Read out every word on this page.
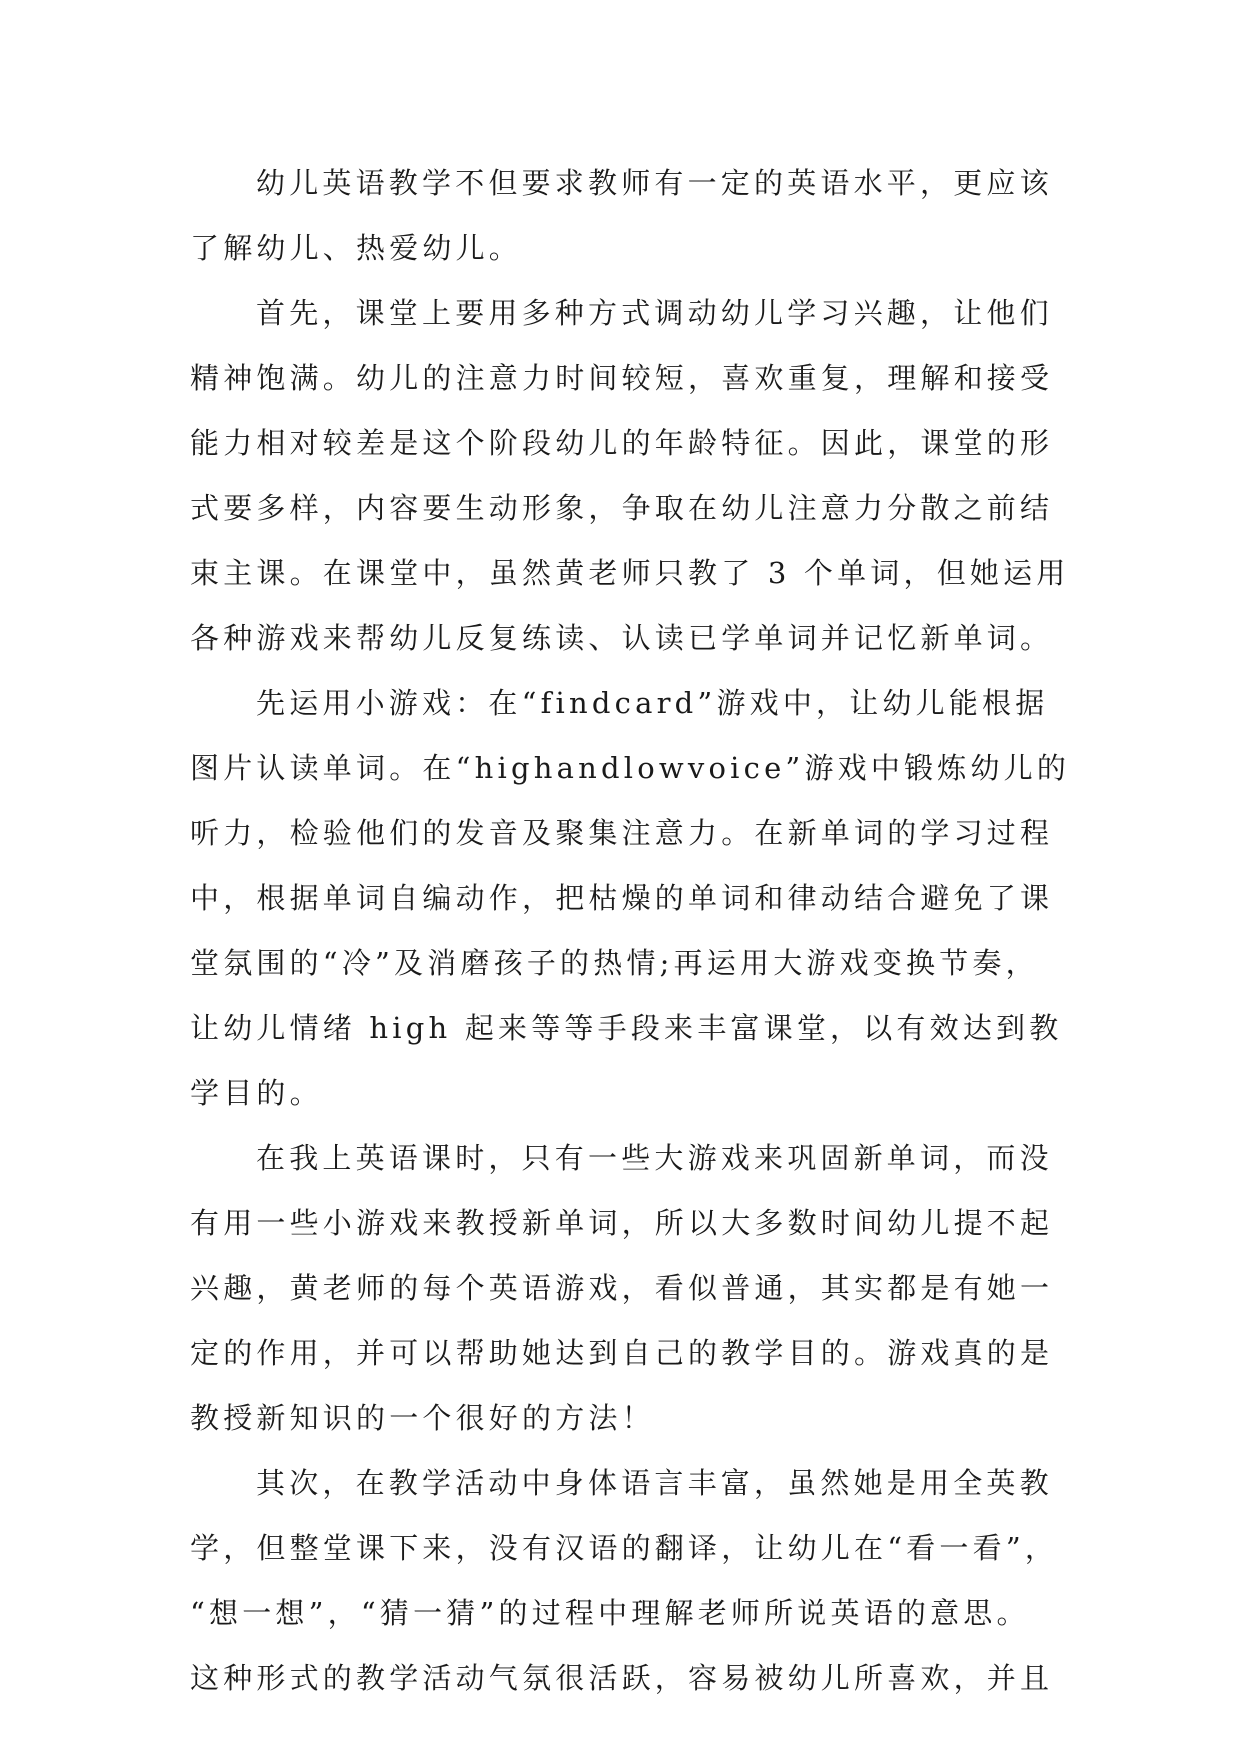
幼儿英语教学不但要求教师有一定的英语水平，更应该
了解幼儿、热爱幼儿。
首先，课堂上要用多种方式调动幼儿学习兴趣，让他们
精神饱满。幼儿的注意力时间较短，喜欢重复，理解和接受
能力相对较差是这个阶段幼儿的年龄特征。因此，课堂的形
式要多样，内容要生动形象，争取在幼儿注意力分散之前结
束主课。在课堂中，虽然黄老师只教了 3 个单词，但她运用
各种游戏来帮幼儿反复练读、认读已学单词并记忆新单词。
先运用小游戏：在“findcard”游戏中，让幼儿能根据
图片认读单词。在“highandlowvoice”游戏中锻炼幼儿的
听力，检验他们的发音及聚集注意力。在新单词的学习过程
中，根据单词自编动作，把枯燥的单词和律动结合避免了课
堂氛围的“冷”及消磨孩子的热情;再运用大游戏变换节奏，
让幼儿情绪 high 起来等等手段来丰富课堂，以有效达到教
学目的。
在我上英语课时，只有一些大游戏来巩固新单词，而没
有用一些小游戏来教授新单词，所以大多数时间幼儿提不起
兴趣，黄老师的每个英语游戏，看似普通，其实都是有她一
定的作用，并可以帮助她达到自己的教学目的。游戏真的是
教授新知识的一个很好的方法！
其次，在教学活动中身体语言丰富，虽然她是用全英教
学，但整堂课下来，没有汉语的翻译，让幼儿在“看一看”，
“想一想”，“猜一猜”的过程中理解老师所说英语的意思。
这种形式的教学活动气氛很活跃，容易被幼儿所喜欢，并且
